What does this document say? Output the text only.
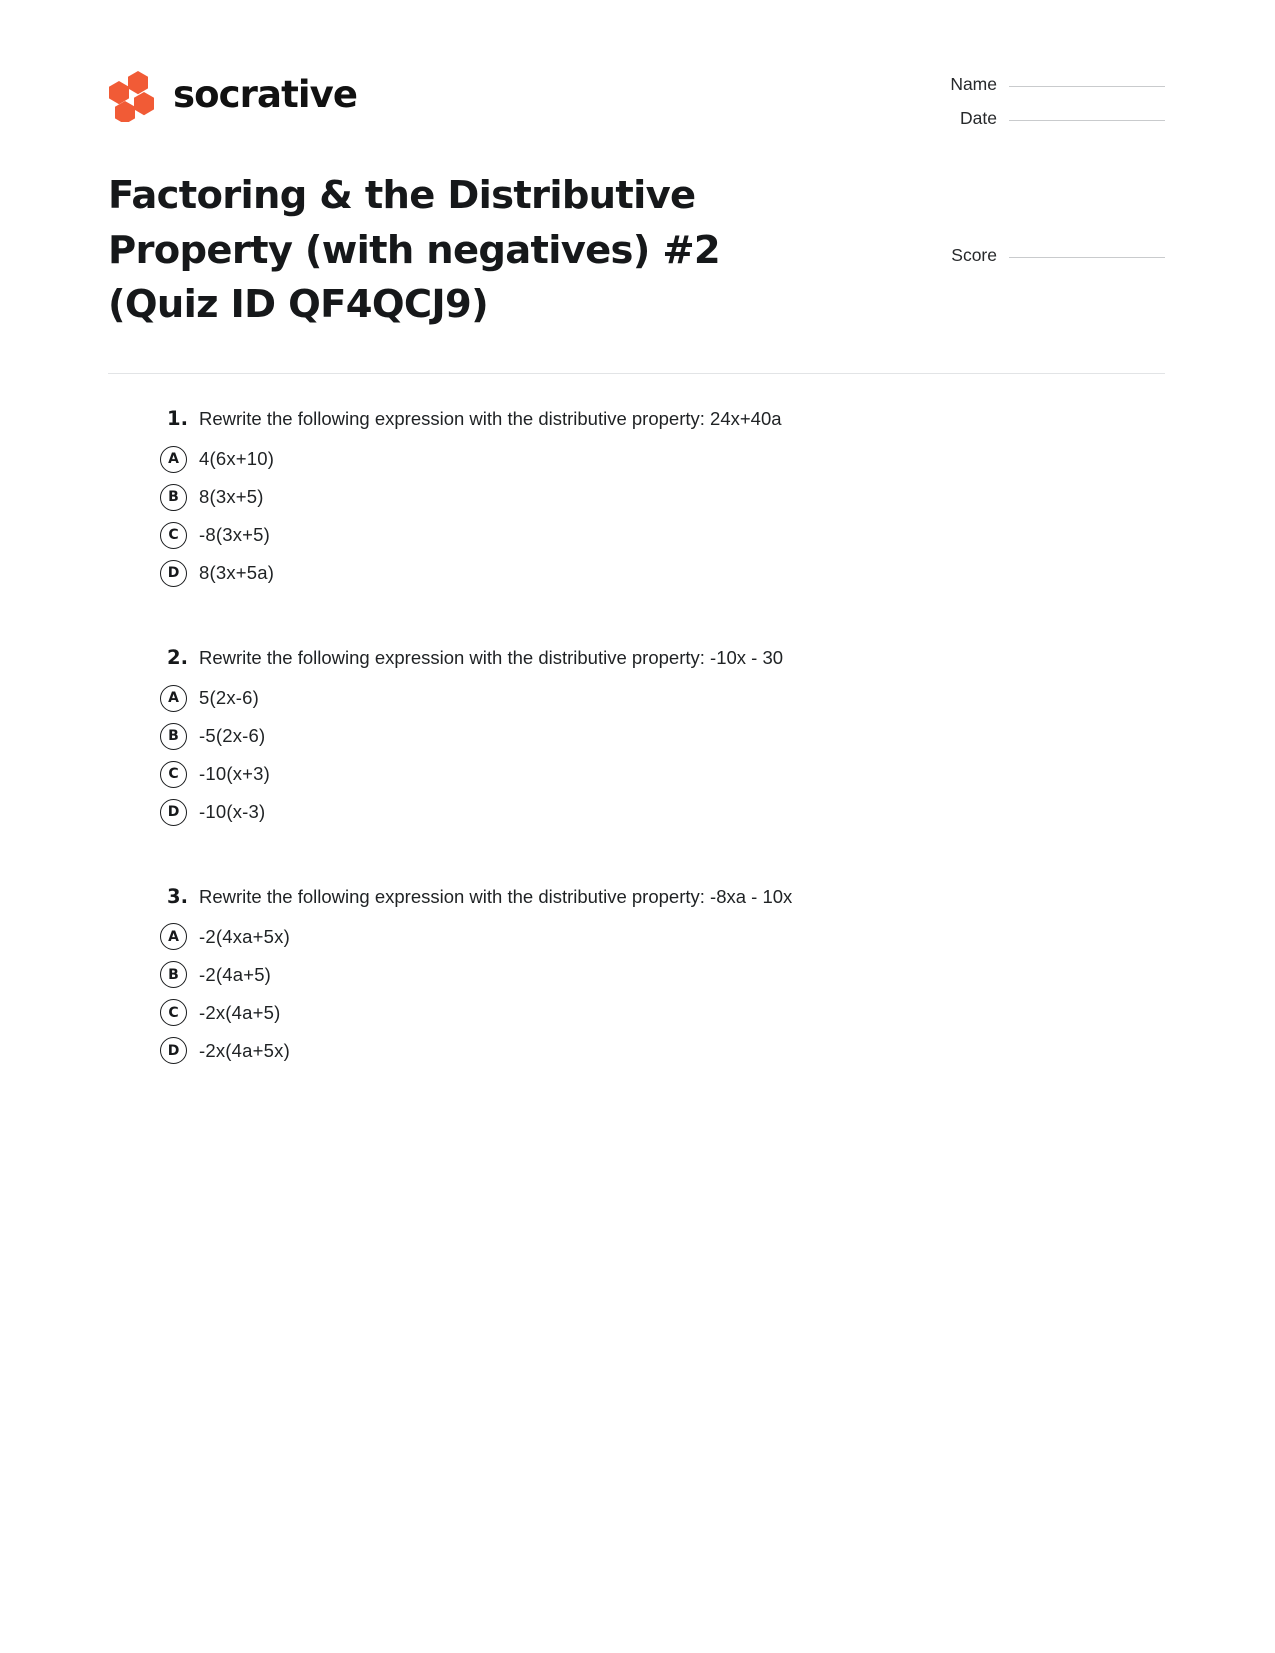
socrative	Name
Date
Factoring & the Distributive Property (with negatives) #2 (Quiz ID QF4QCJ9)
Score
1. Rewrite the following expression with the distributive property: 24x+40a
A	4(6x+10)
B	8(3x+5)
C	-8(3x+5)
D	8(3x+5a)
2. Rewrite the following expression with the distributive property: -10x - 30
A	5(2x-6)
B	-5(2x-6)
C	-10(x+3)
D	-10(x-3)
3. Rewrite the following expression with the distributive property: -8xa - 10x
A	-2(4xa+5x)
B	-2(4a+5)
C	-2x(4a+5)
D	-2x(4a+5x)
